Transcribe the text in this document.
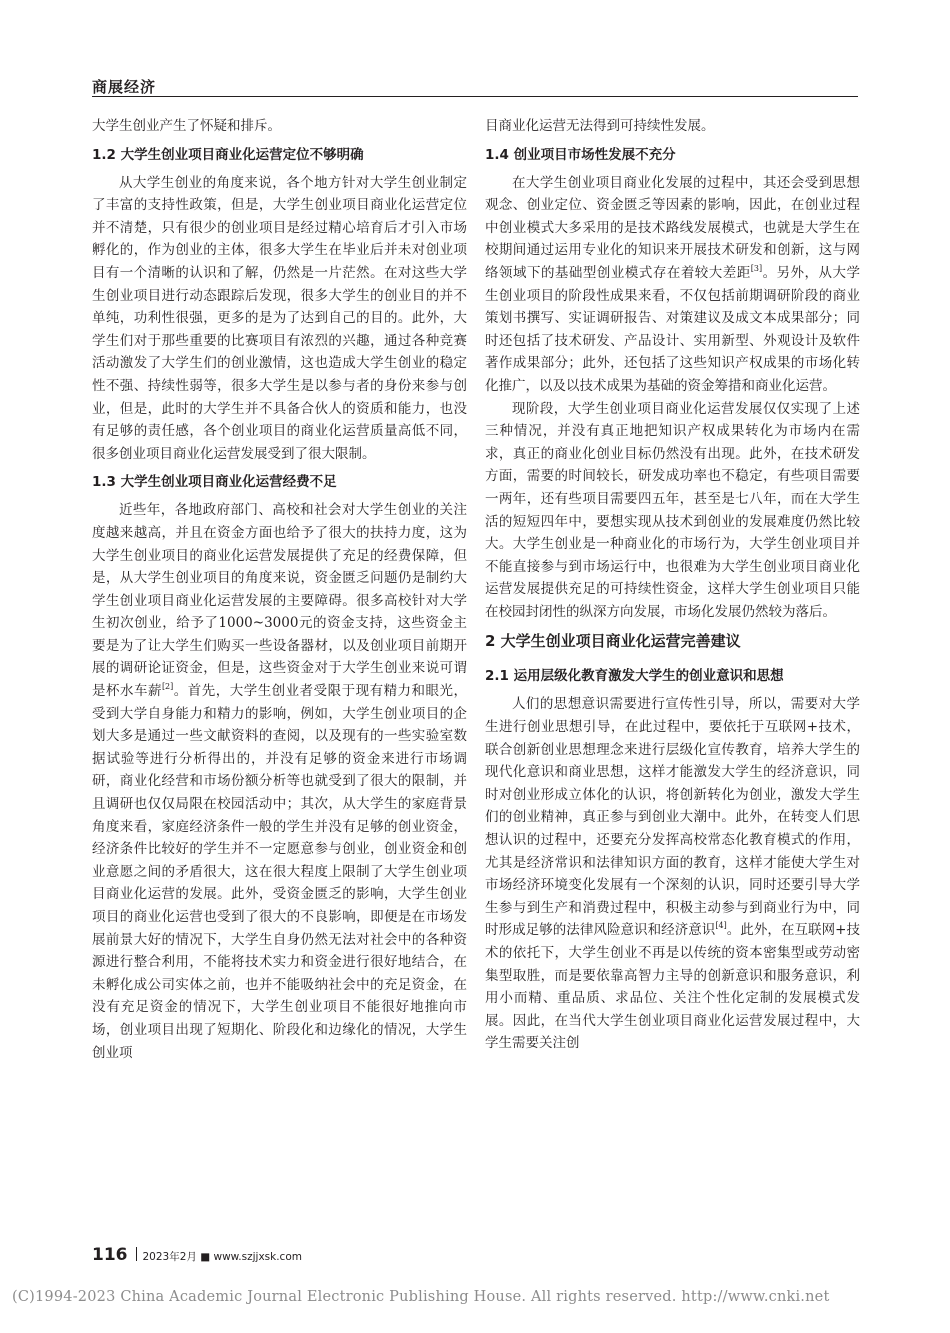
商展经济

大学生创业产生了怀疑和排斥。

1.2 大学生创业项目商业化运营定位不够明确

从大学生创业的角度来说，各个地方针对大学生创业制定了丰富的支持性政策，但是，大学生创业项目商业化运营定位并不清楚，只有很少的创业项目是经过精心培育后才引入市场孵化的，作为创业的主体，很多大学生在毕业后并未对创业项目有一个清晰的认识和了解，仍然是一片茫然。在对这些大学生创业项目进行动态跟踪后发现，很多大学生的创业目的并不单纯，功利性很强，更多的是为了达到自己的目的。此外，大学生们对于那些重要的比赛项目有浓烈的兴趣，通过各种竞赛活动激发了大学生们的创业激情，这也造成大学生创业的稳定性不强、持续性弱等，很多大学生是以参与者的身份来参与创业，但是，此时的大学生并不具备合伙人的资质和能力，也没有足够的责任感，各个创业项目的商业化运营质量高低不同，很多创业项目商业化运营发展受到了很大限制。

1.3 大学生创业项目商业化运营经费不足

近些年，各地政府部门、高校和社会对大学生创业的关注度越来越高，并且在资金方面也给予了很大的扶持力度，这为大学生创业项目的商业化运营发展提供了充足的经费保障，但是，从大学生创业项目的角度来说，资金匮乏问题仍是制约大学生创业项目商业化运营发展的主要障碍。很多高校针对大学生初次创业，给予了1000~3000元的资金支持，这些资金主要是为了让大学生们购买一些设备器材，以及创业项目前期开展的调研论证资金，但是，这些资金对于大学生创业来说可谓是杯水车薪[2]。首先，大学生创业者受限于现有精力和眼光，受到大学自身能力和精力的影响，例如，大学生创业项目的企划大多是通过一些文献资料的查阅，以及现有的一些实验室数据试验等进行分析得出的，并没有足够的资金来进行市场调研，商业化经营和市场份额分析等也就受到了很大的限制，并且调研也仅仅局限在校园活动中；其次，从大学生的家庭背景角度来看，家庭经济条件一般的学生并没有足够的创业资金，经济条件比较好的学生并不一定愿意参与创业，创业资金和创业意愿之间的矛盾很大，这在很大程度上限制了大学生创业项目商业化运营的发展。此外，受资金匮乏的影响，大学生创业项目的商业化运营也受到了很大的不良影响，即便是在市场发展前景大好的情况下，大学生自身仍然无法对社会中的各种资源进行整合利用，不能将技术实力和资金进行很好地结合，在未孵化成公司实体之前，也并不能吸纳社会中的充足资金，在没有充足资金的情况下，大学生创业项目不能很好地推向市场，创业项目出现了短期化、阶段化和边缘化的情况，大学生创业项

目商业化运营无法得到可持续性发展。

1.4 创业项目市场性发展不充分

在大学生创业项目商业化发展的过程中，其还会受到思想观念、创业定位、资金匮乏等因素的影响，因此，在创业过程中创业模式大多采用的是技术路线发展模式，也就是大学生在校期间通过运用专业化的知识来开展技术研发和创新，这与网络领域下的基础型创业模式存在着较大差距[3]。另外，从大学生创业项目的阶段性成果来看，不仅包括前期调研阶段的商业策划书撰写、实证调研报告、对策建议及成文本成果部分；同时还包括了技术研发、产品设计、实用新型、外观设计及软件著作成果部分；此外，还包括了这些知识产权成果的市场化转化推广，以及以技术成果为基础的资金筹措和商业化运营。

现阶段，大学生创业项目商业化运营发展仅仅实现了上述三种情况，并没有真正地把知识产权成果转化为市场内在需求，真正的商业化创业目标仍然没有出现。此外，在技术研发方面，需要的时间较长，研发成功率也不稳定，有些项目需要一两年，还有些项目需要四五年，甚至是七八年，而在大学生活的短短四年中，要想实现从技术到创业的发展难度仍然比较大。大学生创业是一种商业化的市场行为，大学生创业项目并不能直接参与到市场运行中，也很难为大学生创业项目商业化运营发展提供充足的可持续性资金，这样大学生创业项目只能在校园封闭性的纵深方向发展，市场化发展仍然较为落后。

2 大学生创业项目商业化运营完善建议
2.1 运用层级化教育激发大学生的创业意识和思想

人们的思想意识需要进行宣传性引导，所以，需要对大学生进行创业思想引导，在此过程中，要依托于互联网+技术，联合创新创业思想理念来进行层级化宣传教育，培养大学生的现代化意识和商业思想，这样才能激发大学生的经济意识，同时对创业形成立体化的认识，将创新转化为创业，激发大学生们的创业精神，真正参与到创业大潮中。此外，在转变人们思想认识的过程中，还要充分发挥高校常态化教育模式的作用，尤其是经济常识和法律知识方面的教育，这样才能使大学生对市场经济环境变化发展有一个深刻的认识，同时还要引导大学生参与到生产和消费过程中，积极主动参与到商业行为中，同时形成足够的法律风险意识和经济意识[4]。此外，在互联网+技术的依托下，大学生创业不再是以传统的资本密集型或劳动密集型取胜，而是要依靠高智力主导的创新意识和服务意识，利用小而精、重品质、求品位、关注个性化定制的发展模式发展。因此，在当代大学生创业项目商业化运营发展过程中，大学生需要关注创

116 2023年2月 ■ www.szjjxsk.com
(C)1994-2023 China Academic Journal Electronic Publishing House. All rights reserved. http://www.cnki.net
